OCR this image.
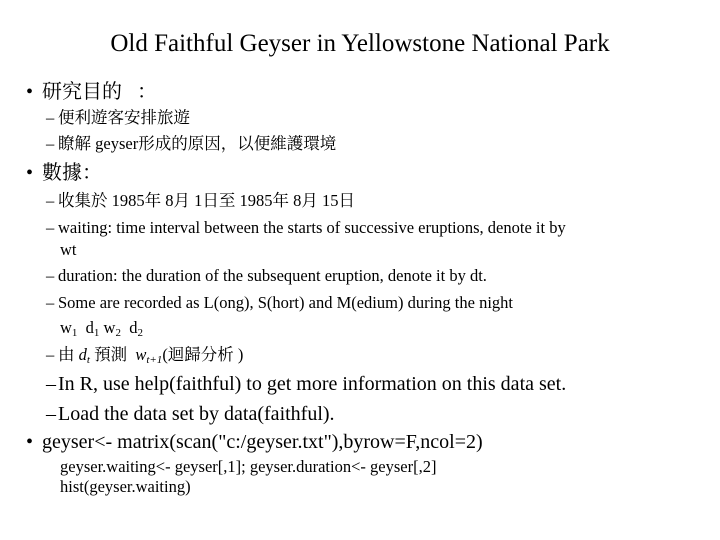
Old Faithful Geyser in Yellowstone National Park
• 研究目的 ：
– 便利遊客安排旅遊
– 瞭解 geyser形成的原因，以便維護環境
• 數據：
– 收集於 1985年 8月 1日至 1985年 8月 15日
– waiting: time interval between the starts of successive eruptions, denote it by
wt
– duration: the duration of the subsequent eruption, denote it by dt.
– Some are recorded as L(ong), S(hort) and M(edium) during the night
$w_1$ $d_1$ $w_2$ $d_2$
– 由 $d_t$ 預測 $w_{t+1}$(迴歸分析 )
– In R, use help(faithful) to get more information on this data set.
– Load the data set by data(faithful).
• geyser<- matrix(scan("c:/geyser.txt"),byrow=F,ncol=2)
geyser.waiting<- geyser[,1]; geyser.duration<- geyser[,2]
hist(geyser.waiting)
